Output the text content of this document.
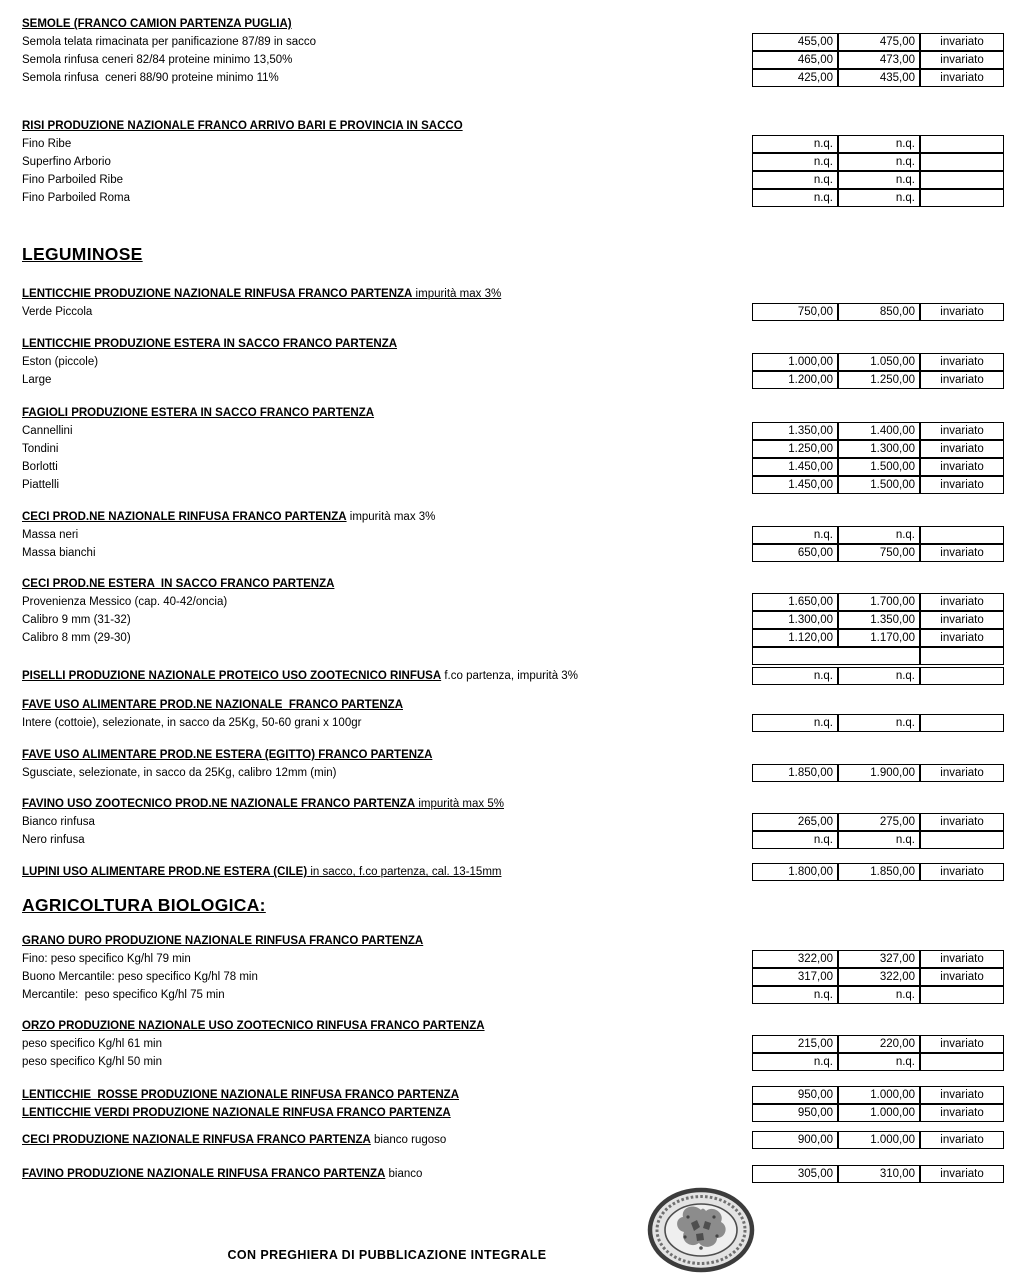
SEMOLE (FRANCO CAMION PARTENZA PUGLIA)
Semola telata rimacinata per panificazione 87/89 in sacco	455,00	475,00	invariato
Semola rinfusa ceneri 82/84 proteine minimo 13,50%	465,00	473,00	invariato
Semola rinfusa  ceneri 88/90 proteine minimo 11%	425,00	435,00	invariato
RISI PRODUZIONE NAZIONALE FRANCO ARRIVO BARI E PROVINCIA IN SACCO
Fino Ribe	n.q.	n.q.
Superfino Arborio	n.q.	n.q.
Fino Parboiled Ribe	n.q.	n.q.
Fino Parboiled Roma	n.q.	n.q.
LEGUMINOSE
LENTICCHIE PRODUZIONE NAZIONALE RINFUSA FRANCO PARTENZA impurità max 3%
Verde Piccola	750,00	850,00	invariato
LENTICCHIE PRODUZIONE ESTERA IN SACCO FRANCO PARTENZA
Eston (piccole)	1.000,00	1.050,00	invariato
Large	1.200,00	1.250,00	invariato
FAGIOLI PRODUZIONE ESTERA IN SACCO FRANCO PARTENZA
Cannellini	1.350,00	1.400,00	invariato
Tondini	1.250,00	1.300,00	invariato
Borlotti	1.450,00	1.500,00	invariato
Piattelli	1.450,00	1.500,00	invariato
CECI PROD.NE NAZIONALE RINFUSA FRANCO PARTENZA impurità max 3%
Massa neri	n.q.	n.q.
Massa bianchi	650,00	750,00	invariato
CECI PROD.NE ESTERA  IN SACCO FRANCO PARTENZA
Provenienza Messico (cap. 40-42/oncia)	1.650,00	1.700,00	invariato
Calibro 9 mm (31-32)	1.300,00	1.350,00	invariato
Calibro 8 mm (29-30)	1.120,00	1.170,00	invariato
PISELLI PRODUZIONE NAZIONALE PROTEICO USO ZOOTECNICO RINFUSA f.co partenza, impurità 3%	n.q.	n.q.
FAVE USO ALIMENTARE PROD.NE NAZIONALE  FRANCO PARTENZA
Intere (cottoie), selezionate, in sacco da 25Kg, 50-60 grani x 100gr	n.q.	n.q.
FAVE USO ALIMENTARE PROD.NE ESTERA (EGITTO) FRANCO PARTENZA
Sgusciate, selezionate, in sacco da 25Kg, calibro 12mm (min)	1.850,00	1.900,00	invariato
FAVINO USO ZOOTECNICO PROD.NE NAZIONALE FRANCO PARTENZA impurità max 5%
Bianco rinfusa	265,00	275,00	invariato
Nero rinfusa	n.q.	n.q.
LUPINI USO ALIMENTARE PROD.NE ESTERA (CILE) in sacco, f.co partenza, cal. 13-15mm	1.800,00	1.850,00	invariato
AGRICOLTURA BIOLOGICA:
GRANO DURO PRODUZIONE NAZIONALE RINFUSA FRANCO PARTENZA
Fino: peso specifico Kg/hl 79 min	322,00	327,00	invariato
Buono Mercantile: peso specifico Kg/hl 78 min	317,00	322,00	invariato
Mercantile:  peso specifico Kg/hl 75 min	n.q.	n.q.
ORZO PRODUZIONE NAZIONALE USO ZOOTECNICO RINFUSA FRANCO PARTENZA
peso specifico Kg/hl 61 min	215,00	220,00	invariato
peso specifico Kg/hl 50 min	n.q.	n.q.
LENTICCHIE  ROSSE PRODUZIONE NAZIONALE RINFUSA FRANCO PARTENZA	950,00	1.000,00	invariato
LENTICCHIE VERDI PRODUZIONE NAZIONALE RINFUSA FRANCO PARTENZA	950,00	1.000,00	invariato
CECI PRODUZIONE NAZIONALE RINFUSA FRANCO PARTENZA bianco rugoso	900,00	1.000,00	invariato
FAVINO PRODUZIONE NAZIONALE RINFUSA FRANCO PARTENZA bianco	305,00	310,00	invariato
CON PREGHIERA DI PUBBLICAZIONE INTEGRALE
